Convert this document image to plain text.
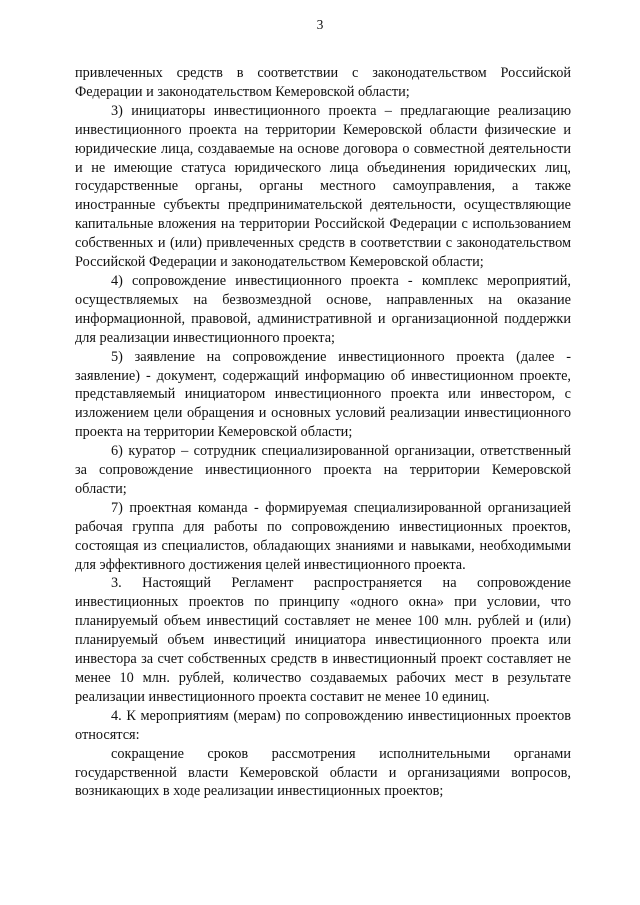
3

привлеченных средств в соответствии с законодательством Российской Федерации и законодательством Кемеровской области;

3) инициаторы инвестиционного проекта – предлагающие реализацию инвестиционного проекта на территории Кемеровской области физические и юридические лица, создаваемые на основе договора о совместной деятельности и не имеющие статуса юридического лица объединения юридических лиц, государственные органы, органы местного самоуправления, а также иностранные субъекты предпринимательской деятельности, осуществляющие капитальные вложения на территории Российской Федерации с использованием собственных и (или) привлеченных средств в соответствии с законодательством Российской Федерации и законодательством Кемеровской области;

4) сопровождение инвестиционного проекта - комплекс мероприятий, осуществляемых на безвозмездной основе, направленных на оказание информационной, правовой, административной и организационной поддержки для реализации инвестиционного проекта;

5) заявление на сопровождение инвестиционного проекта (далее - заявление) - документ, содержащий информацию об инвестиционном проекте, представляемый инициатором инвестиционного проекта или инвестором, с изложением цели обращения и основных условий реализации инвестиционного проекта на территории Кемеровской области;

6) куратор – сотрудник специализированной организации, ответственный за сопровождение инвестиционного проекта на территории Кемеровской области;

7) проектная команда - формируемая специализированной организацией рабочая группа для работы по сопровождению инвестиционных проектов, состоящая из специалистов, обладающих знаниями и навыками, необходимыми для эффективного достижения целей инвестиционного проекта.

3. Настоящий Регламент распространяется на сопровождение инвестиционных проектов по принципу «одного окна» при условии, что планируемый объем инвестиций составляет не менее 100 млн. рублей и (или) планируемый объем инвестиций инициатора инвестиционного проекта или инвестора за счет собственных средств в инвестиционный проект составляет не менее 10 млн. рублей, количество создаваемых рабочих мест в результате реализации инвестиционного проекта составит не менее 10 единиц.

4. К мероприятиям (мерам) по сопровождению инвестиционных проектов относятся:

сокращение сроков рассмотрения исполнительными органами государственной власти Кемеровской области и организациями вопросов, возникающих в ходе реализации инвестиционных проектов;
